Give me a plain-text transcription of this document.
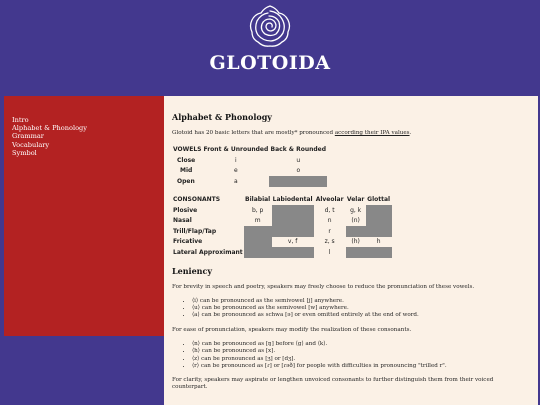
GLOTOIDA
Intro
Alphabet & Phonology
Grammar
Vocabulary
Symbol
Alphabet & Phonology

Glotoid has 20 basic letters that are mostly* pronounced according their IPA values.

VOWELS	Front & Unrounded	Back & Rounded
Close	i	u
Mid	e	o
Open	a	
CONSONANTS	Bilabial	Labiodental	Alveolar	Velar	Glottal
Plosive	b, p		d, t	g, k	
Nasal	m		n	(n)	
Trill/Flap/Tap			r		
Fricative		v, f	z, s	(h)	h
Lateral Approximant			l		
Leniency

For brevity in speech and poetry, speakers may freely choose to reduce the pronunciation of these vowels.

• ⟨i⟩ can be pronounced as the semivowel [j] anywhere.
• ⟨u⟩ can be pronounced as the semivowel [w] anywhere.
• ⟨a⟩ can be pronounced as schwa [ə] or even omitted entirely at the end of word.

For ease of pronunciation, speakers may modify the realization of these consonants.

• ⟨n⟩ can be pronounced as [ŋ] before ⟨g⟩ and ⟨k⟩.
• ⟨h⟩ can be pronounced as [x].
• ⟨z⟩ can be pronounced as [ʒ] or [dʒ].
• ⟨r⟩ can be pronounced as [ɾ] or [ɾəð] for people with difficulties in pronouncing "trilled r".

For clarity, speakers may aspirate or lengthen unvoiced consonants to further distinguish them from their voiced counterpart.
